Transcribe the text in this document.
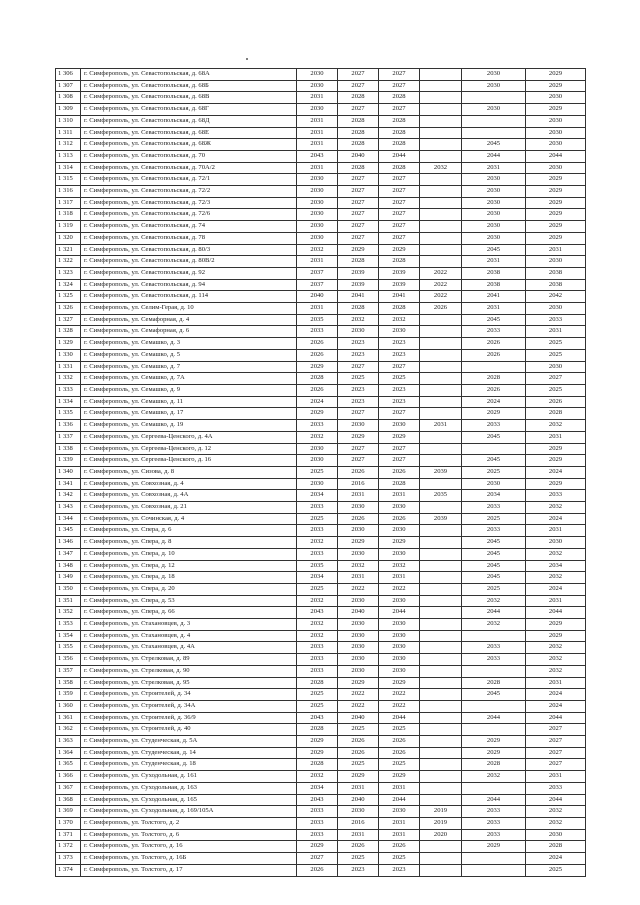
1 306	г. Симферополь, ул. Севастопольская, д. 68А	2030	2027	2027		2030	2029
1 307	г. Симферополь, ул. Севастопольская, д. 68Б	2030	2027	2027		2030	2029
1 308	г. Симферополь, ул. Севастопольская, д. 68В	2031	2028	2028			2030
1 309	г. Симферополь, ул. Севастопольская, д. 68Г	2030	2027	2027		2030	2029
1 310	г. Симферополь, ул. Севастопольская, д. 68Д	2031	2028	2028			2030
1 311	г. Симферополь, ул. Севастопольская, д. 68Е	2031	2028	2028			2030
1 312	г. Симферополь, ул. Севастопольская, д. 68Ж	2031	2028	2028		2045	2030
1 313	г. Симферополь, ул. Севастопольская, д. 70	2043	2040	2044		2044	2044
1 314	г. Симферополь, ул. Севастопольская, д. 70А/2	2031	2028	2028	2032	2031	2030
1 315	г. Симферополь, ул. Севастопольская, д. 72/1	2030	2027	2027		2030	2029
1 316	г. Симферополь, ул. Севастопольская, д. 72/2	2030	2027	2027		2030	2029
1 317	г. Симферополь, ул. Севастопольская, д. 72/3	2030	2027	2027		2030	2029
1 318	г. Симферополь, ул. Севастопольская, д. 72/6	2030	2027	2027		2030	2029
1 319	г. Симферополь, ул. Севастопольская, д. 74	2030	2027	2027		2030	2029
1 320	г. Симферополь, ул. Севастопольская, д. 78	2030	2027	2027		2030	2029
1 321	г. Симферополь, ул. Севастопольская, д. 80/3	2032	2029	2029		2045	2031
1 322	г. Симферополь, ул. Севастопольская, д. 80В/2	2031	2028	2028		2031	2030
1 323	г. Симферополь, ул. Севастопольская, д. 92	2037	2039	2039	2022	2038	2038
1 324	г. Симферополь, ул. Севастопольская, д. 94	2037	2039	2039	2022	2038	2038
1 325	г. Симферополь, ул. Севастопольская, д. 114	2040	2041	2041	2022	2041	2042
1 326	г. Симферополь, ул. Селим-Герая, д. 10	2031	2028	2028	2026	2031	2030
1 327	г. Симферополь, ул. Семафорная, д. 4	2035	2032	2032		2045	2033
1 328	г. Симферополь, ул. Семафорная, д. 6	2033	2030	2030		2033	2031
1 329	г. Симферополь, ул. Семашко, д. 3	2026	2023	2023		2026	2025
1 330	г. Симферополь, ул. Семашко, д. 5	2026	2023	2023		2026	2025
1 331	г. Симферополь, ул. Семашко, д. 7	2029	2027	2027			2030
1 332	г. Симферополь, ул. Семашко, д. 7А	2028	2025	2025		2028	2027
1 333	г. Симферополь, ул. Семашко, д. 9	2026	2023	2023		2026	2025
1 334	г. Симферополь, ул. Семашко, д. 11	2024	2023	2023		2024	2026
1 335	г. Симферополь, ул. Семашко, д. 17	2029	2027	2027		2029	2028
1 336	г. Симферополь, ул. Семашко, д. 19	2033	2030	2030	2031	2033	2032
1 337	г. Симферополь, ул. Сергеева-Ценского, д. 4А	2032	2029	2029		2045	2031
1 338	г. Симферополь, ул. Сергеева-Ценского, д. 12	2030	2027	2027			2029
1 339	г. Симферополь, ул. Сергеева-Ценского, д. 16	2030	2027	2027		2045	2029
1 340	г. Симферополь, ул. Сизова, д. 8	2025	2026	2026	2039	2025	2024
1 341	г. Симферополь, ул. Совхозная, д. 4	2030	2016	2028		2030	2029
1 342	г. Симферополь, ул. Совхозная, д. 4А	2034	2031	2031	2035	2034	2033
1 343	г. Симферополь, ул. Совхозная, д. 21	2033	2030	2030		2033	2032
1 344	г. Симферополь, ул. Сочинская, д. 4	2025	2026	2026	2039	2025	2024
1 345	г. Симферополь, ул. Спера, д. 6	2033	2030	2030		2033	2031
1 346	г. Симферополь, ул. Спера, д. 8	2032	2029	2029		2045	2030
1 347	г. Симферополь, ул. Спера, д. 10	2033	2030	2030		2045	2032
1 348	г. Симферополь, ул. Спера, д. 12	2035	2032	2032		2045	2034
1 349	г. Симферополь, ул. Спера, д. 18	2034	2031	2031		2045	2032
1 350	г. Симферополь, ул. Спера, д. 20	2025	2022	2022		2025	2024
1 351	г. Симферополь, ул. Спера, д. 53	2032	2030	2030		2032	2031
1 352	г. Симферополь, ул. Спера, д. 66	2043	2040	2044		2044	2044
1 353	г. Симферополь, ул. Стахановцев, д. 3	2032	2030	2030		2032	2029
1 354	г. Симферополь, ул. Стахановцев, д. 4	2032	2030	2030			2029
1 355	г. Симферополь, ул. Стахановцев, д. 4А	2033	2030	2030		2033	2032
1 356	г. Симферополь, ул. Стрелковая, д. 89	2033	2030	2030		2033	2032
1 357	г. Симферополь, ул. Стрелковая, д. 90	2033	2030	2030			2032
1 358	г. Симферополь, ул. Стрелковая, д. 95	2028	2029	2029		2028	2031
1 359	г. Симферополь, ул. Строителей, д. 34	2025	2022	2022		2045	2024
1 360	г. Симферополь, ул. Строителей, д. 34А	2025	2022	2022			2024
1 361	г. Симферополь, ул. Строителей, д. 36/9	2043	2040	2044		2044	2044
1 362	г. Симферополь, ул. Строителей, д. 40	2028	2025	2025			2027
1 363	г. Симферополь, ул. Студенческая, д. 5А	2029	2026	2026		2029	2027
1 364	г. Симферополь, ул. Студенческая, д. 14	2029	2026	2026		2029	2027
1 365	г. Симферополь, ул. Студенческая, д. 18	2028	2025	2025		2028	2027
1 366	г. Симферополь, ул. Суходольная, д. 161	2032	2029	2029		2032	2031
1 367	г. Симферополь, ул. Суходольная, д. 163	2034	2031	2031			2033
1 368	г. Симферополь, ул. Суходольная, д. 165	2043	2040	2044		2044	2044
1 369	г. Симферополь, ул. Суходольная, д. 169/105А	2033	2030	2030	2019	2033	2032
1 370	г. Симферополь, ул. Толстого, д. 2	2033	2016	2031	2019	2033	2032
1 371	г. Симферополь, ул. Толстого, д. 6	2033	2031	2031	2020	2033	2030
1 372	г. Симферополь, ул. Толстого, д. 16	2029	2026	2026		2029	2028
1 373	г. Симферополь, ул. Толстого, д. 16Б	2027	2025	2025			2024
1 374	г. Симферополь, ул. Толстого, д. 17	2026	2023	2023			2025
